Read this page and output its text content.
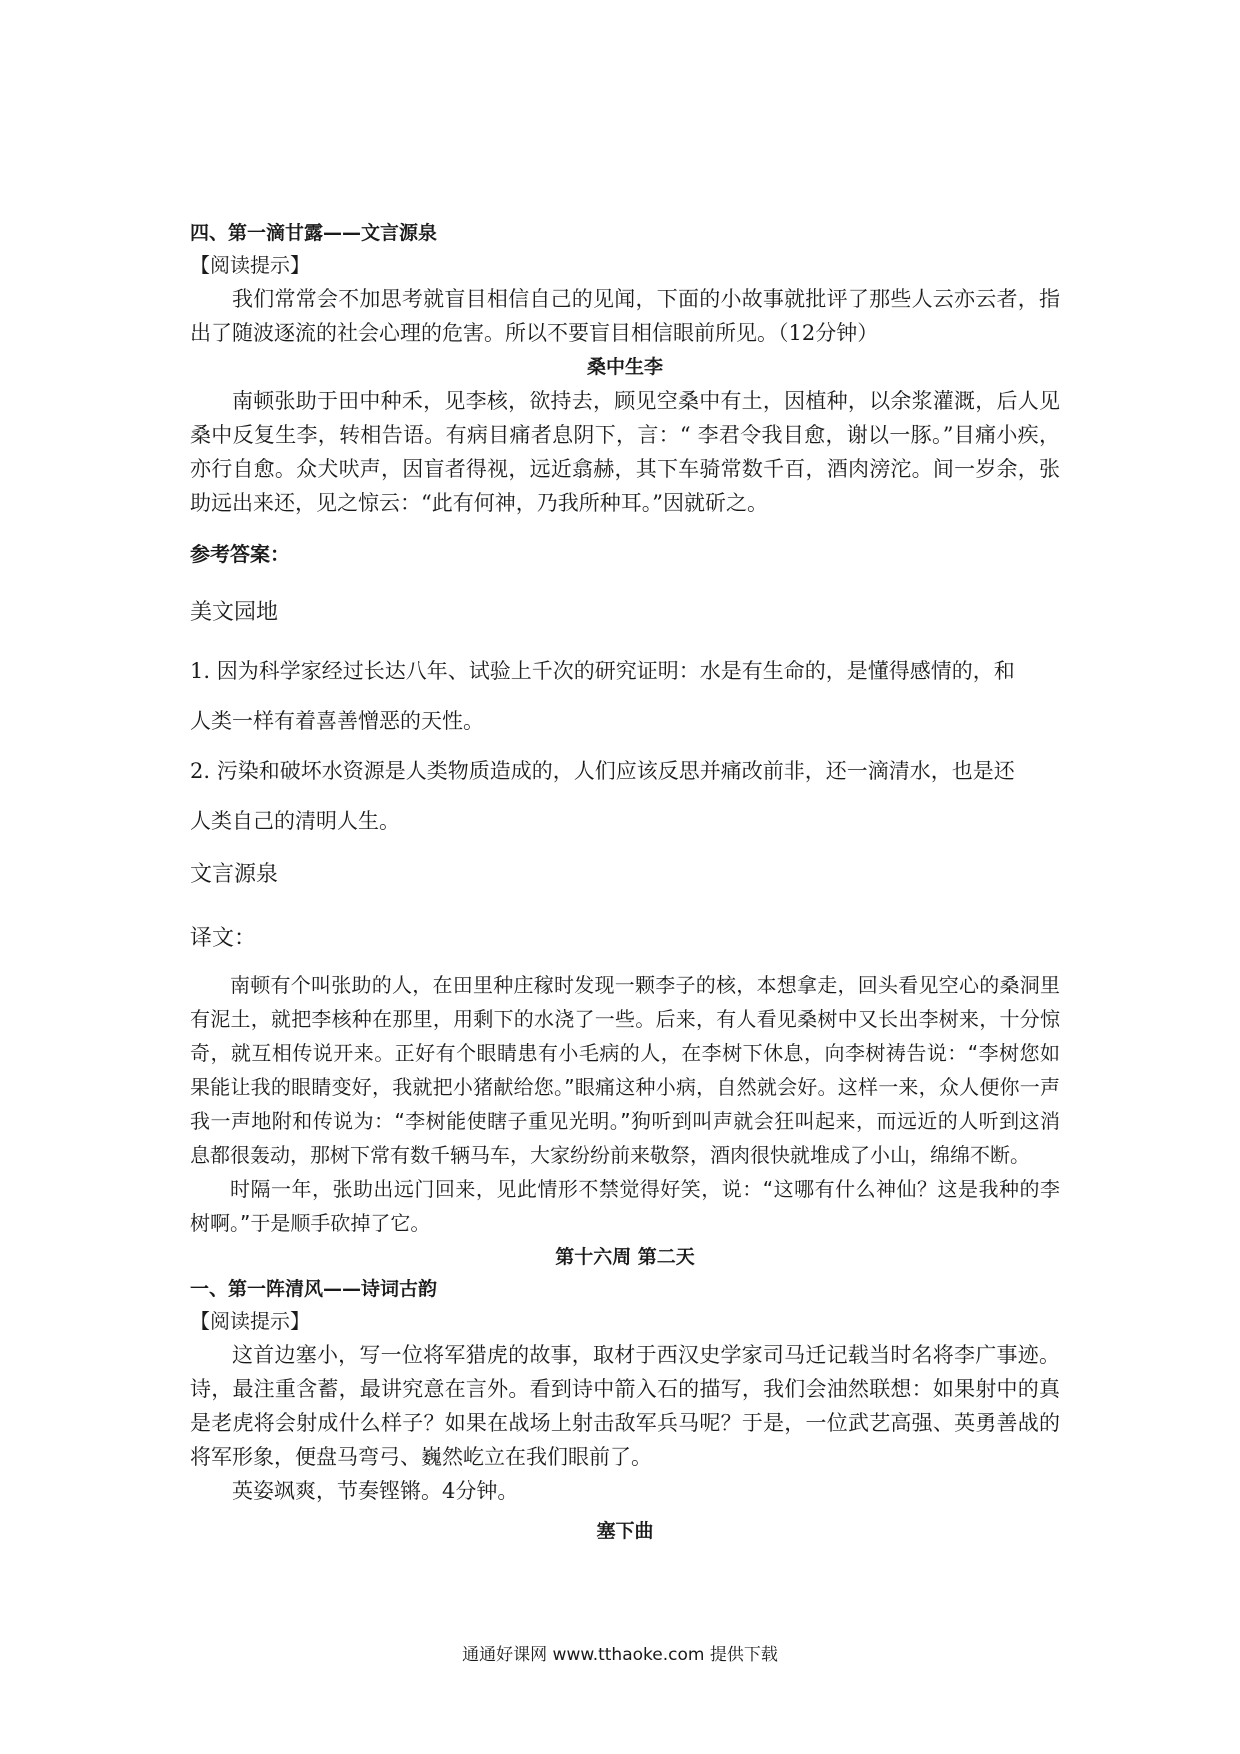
四、第一滴甘露——文言源泉

【阅读提示】

我们常常会不加思考就盲目相信自己的见闻，下面的小故事就批评了那些人云亦云者，指出了随波逐流的社会心理的危害。所以不要盲目相信眼前所见。（12分钟）

桑中生李

南顿张助于田中种禾，见李核，欲持去，顾见空桑中有土，因植种，以余浆灌溉，后人见桑中反复生李，转相告语。有病目痛者息阴下，言：“ 李君令我目愈，谢以一豚。”目痛小疾，亦行自愈。众犬吠声，因盲者得视，远近翕赫，其下车骑常数千百，酒肉滂沱。间一岁余，张助远出来还，见之惊云：“此有何神，乃我所种耳。”因就斫之。

参考答案：

美文园地

1. 因为科学家经过长达八年、试验上千次的研究证明：水是有生命的，是懂得感情的，和

人类一样有着喜善憎恶的天性。

2. 污染和破坏水资源是人类物质造成的，人们应该反思并痛改前非，还一滴清水，也是还

人类自己的清明人生。

文言源泉

译文：

南顿有个叫张助的人，在田里种庄稼时发现一颗李子的核，本想拿走，回头看见空心的桑洞里有泥土，就把李核种在那里，用剩下的水浇了一些。后来，有人看见桑树中又长出李树来，十分惊奇，就互相传说开来。正好有个眼睛患有小毛病的人，在李树下休息，向李树祷告说：“李树您如果能让我的眼睛变好，我就把小猪献给您。”眼痛这种小病，自然就会好。这样一来，众人便你一声我一声地附和传说为：“李树能使瞎子重见光明。”狗听到叫声就会狂叫起来，而远近的人听到这消息都很轰动，那树下常有数千辆马车，大家纷纷前来敬祭，酒肉很快就堆成了小山，绵绵不断。

时隔一年，张助出远门回来，见此情形不禁觉得好笑，说：“这哪有什么神仙？这是我种的李树啊。”于是顺手砍掉了它。

第十六周 第二天

一、第一阵清风——诗词古韵

【阅读提示】

这首边塞小，写一位将军猎虎的故事，取材于西汉史学家司马迁记载当时名将李广事迹。诗，最注重含蓄，最讲究意在言外。看到诗中箭入石的描写，我们会油然联想：如果射中的真是老虎将会射成什么样子？如果在战场上射击敌军兵马呢？于是，一位武艺高强、英勇善战的将军形象，便盘马弯弓、巍然屹立在我们眼前了。

英姿飒爽，节奏铿锵。4分钟。

塞下曲

通通好课网 www.tthaoke.com 提供下载
